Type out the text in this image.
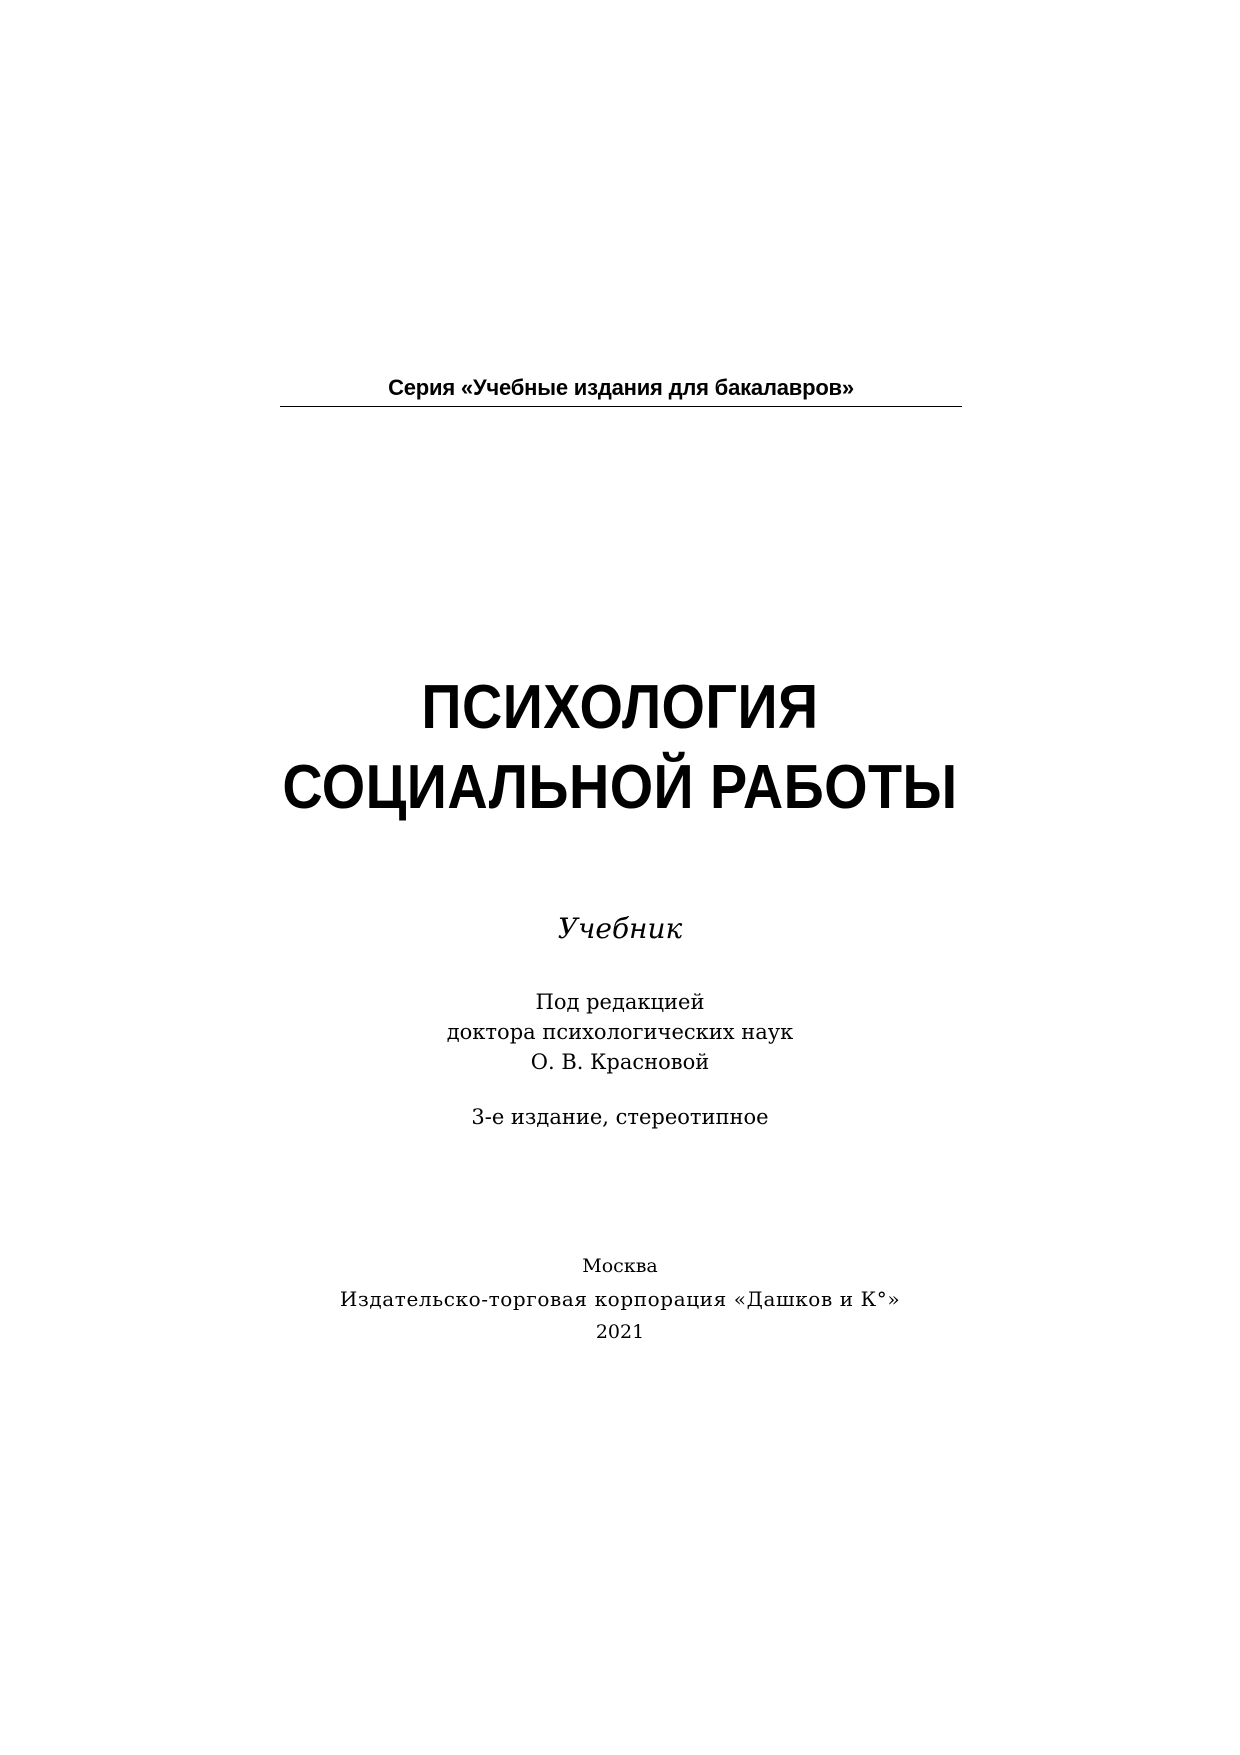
Серия «Учебные издания для бакалавров»
ПСИХОЛОГИЯ
СОЦИАЛЬНОЙ РАБОТЫ
Учебник
Под редакцией
доктора психологических наук
О. В. Красновой
3-е издание, стереотипное
Москва
Издательско-торговая корпорация «Дашков и К°»
2021
